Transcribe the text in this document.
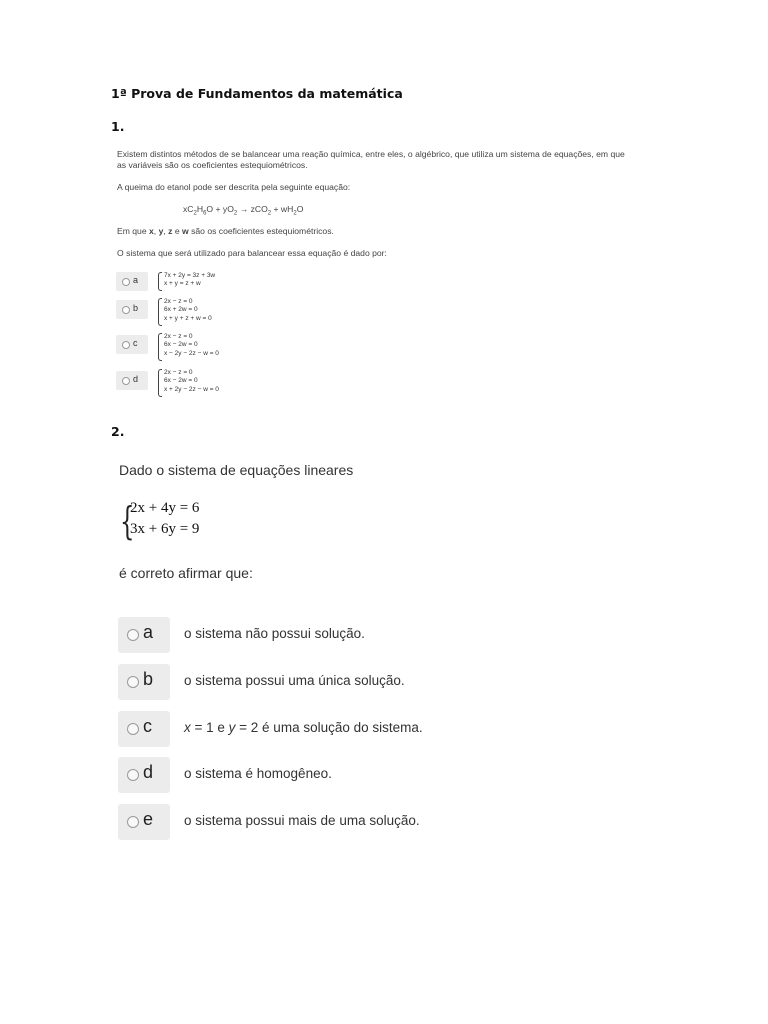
1ª Prova de Fundamentos da matemática
1.
Existem distintos métodos de se balancear uma reação química, entre eles, o algébrico, que utiliza um sistema de equações, em que
as variáveis são os coeficientes estequiométricos.
A queima do etanol pode ser descrita pela seguinte equação:
$xC_2H_6O + yO_2 \to zCO_2 + wH_2O$
Em que x, y, z e w são os coeficientes estequiométricos.
O sistema que será utilizado para balancear essa equação é dado por:
a	7x + 2y = 3z + 3w
x + y = z + w
b
2x − z = 0
6x + 2w = 0
x + y + z + w = 0
c
2x − z = 0
6x − 2w = 0
x − 2y − 2z − w = 0
d
2x − z = 0
6x − 2w = 0
x + 2y − 2z − w = 0
2.
Dado o sistema de equações lineares
{
2x + 4y = 6
3x + 6y = 9
é correto afirmar que:
a o sistema não possui solução.
b o sistema possui uma única solução.
c x = 1 e y = 2 é uma solução do sistema.
d o sistema é homogêneo.
e o sistema possui mais de uma solução.
